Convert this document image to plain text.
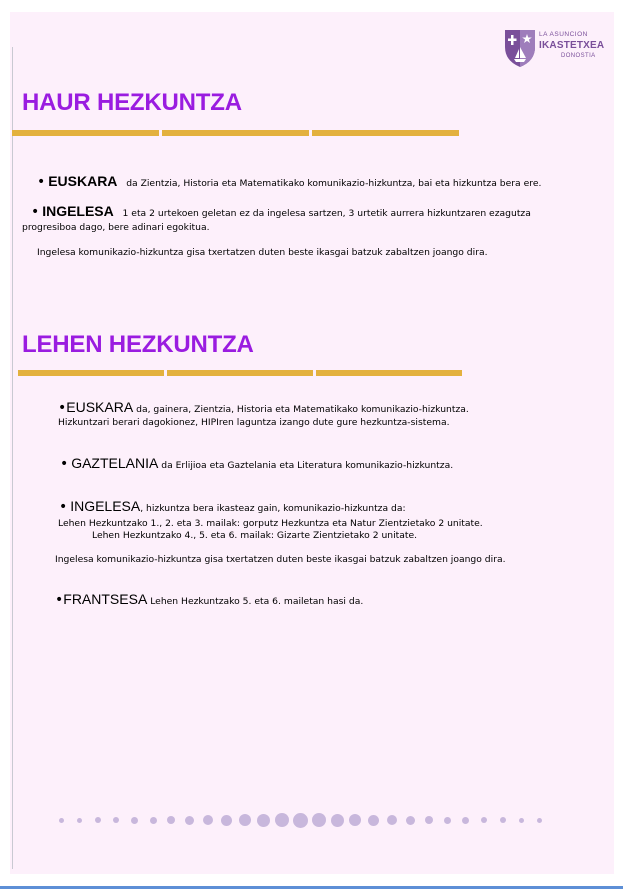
LA ASUNCION
IKASTETXEA
DONOSTIA
HAUR HEZKUNTZA
• EUSKARA da Zientzia, Historia eta Matematikako komunikazio-hizkuntza, bai eta hizkuntza bera ere.
• INGELESA 1 eta 2 urtekoen geletan ez da ingelesa sartzen, 3 urtetik aurrera hizkuntzaren ezagutza
progresiboa dago, bere adinari egokitua.
Ingelesa komunikazio-hizkuntza gisa txertatzen duten beste ikasgai batzuk zabaltzen joango dira.
LEHEN HEZKUNTZA
•EUSKARA da, gainera, Zientzia, Historia eta Matematikako komunikazio-hizkuntza.
Hizkuntzari berari dagokionez, HIPIren laguntza izango dute gure hezkuntza-sistema.
• GAZTELANIA da Erlijioa eta Gaztelania eta Literatura komunikazio-hizkuntza.
• INGELESA, hizkuntza bera ikasteaz gain, komunikazio-hizkuntza da:
Lehen Hezkuntzako 1., 2. eta 3. mailak: gorputz Hezkuntza eta Natur Zientzietako 2 unitate.
Lehen Hezkuntzako 4., 5. eta 6. mailak: Gizarte Zientzietako 2 unitate.
Ingelesa komunikazio-hizkuntza gisa txertatzen duten beste ikasgai batzuk zabaltzen joango dira.
•FRANTSESA Lehen Hezkuntzako 5. eta 6. mailetan hasi da.
